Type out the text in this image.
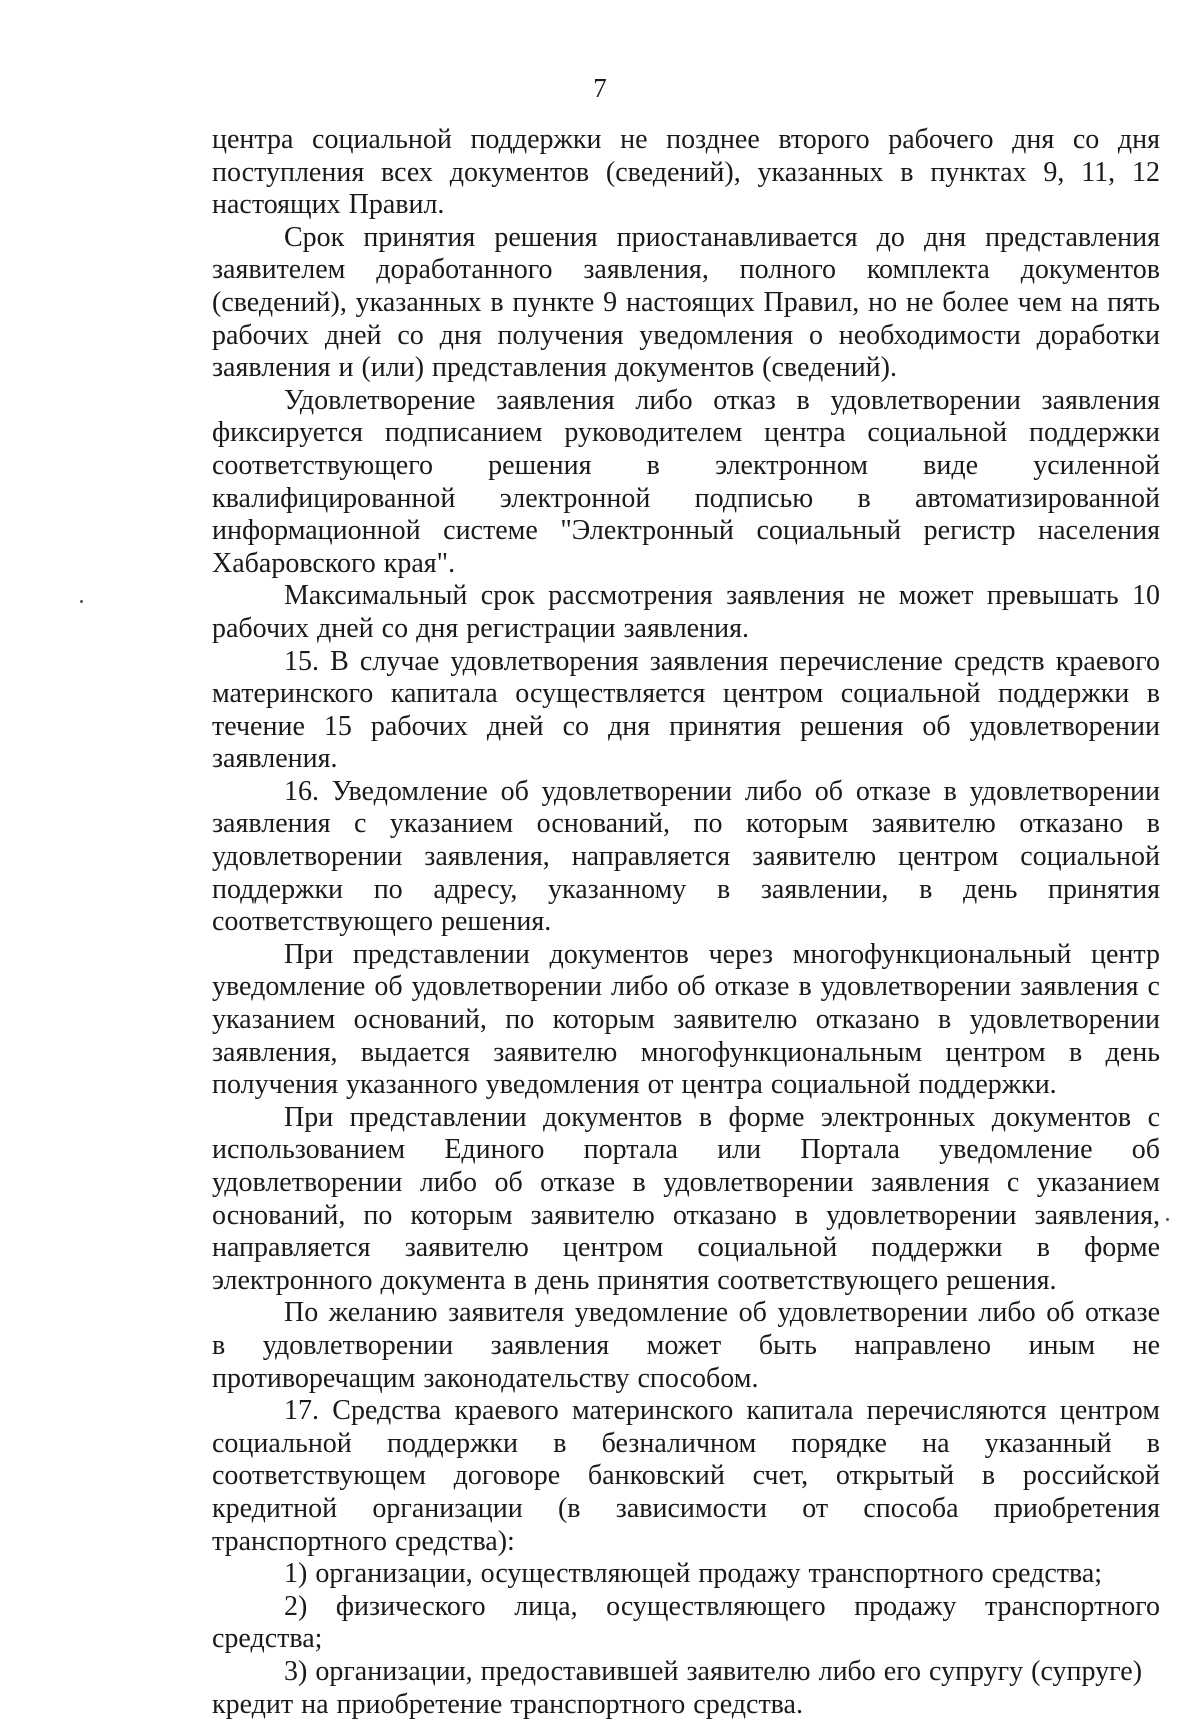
7

центра социальной поддержки не позднее второго рабочего дня со дня поступления всех документов (сведений), указанных в пунктах 9, 11, 12 настоящих Правил.

Срок принятия решения приостанавливается до дня представления заявителем доработанного заявления, полного комплекта документов (сведений), указанных в пункте 9 настоящих Правил, но не более чем на пять рабочих дней со дня получения уведомления о необходимости доработки заявления и (или) представления документов (сведений).

Удовлетворение заявления либо отказ в удовлетворении заявления фиксируется подписанием руководителем центра социальной поддержки соответствующего решения в электронном виде усиленной квалифицированной электронной подписью в автоматизированной информационной системе "Электронный социальный регистр населения Хабаровского края".

Максимальный срок рассмотрения заявления не может превышать 10 рабочих дней со дня регистрации заявления.

15. В случае удовлетворения заявления перечисление средств краевого материнского капитала осуществляется центром социальной поддержки в течение 15 рабочих дней со дня принятия решения об удовлетворении заявления.

16. Уведомление об удовлетворении либо об отказе в удовлетворении заявления с указанием оснований, по которым заявителю отказано в удовлетворении заявления, направляется заявителю центром социальной поддержки по адресу, указанному в заявлении, в день принятия соответствующего решения.

При представлении документов через многофункциональный центр уведомление об удовлетворении либо об отказе в удовлетворении заявления с указанием оснований, по которым заявителю отказано в удовлетворении заявления, выдается заявителю многофункциональным центром в день получения указанного уведомления от центра социальной поддержки.

При представлении документов в форме электронных документов с использованием Единого портала или Портала уведомление об удовлетворении либо об отказе в удовлетворении заявления с указанием оснований, по которым заявителю отказано в удовлетворении заявления, направляется заявителю центром социальной поддержки в форме электронного документа в день принятия соответствующего решения.

По желанию заявителя уведомление об удовлетворении либо об отказе в удовлетворении заявления может быть направлено иным не противоречащим законодательству способом.

17. Средства краевого материнского капитала перечисляются центром социальной поддержки в безналичном порядке на указанный в соответствующем договоре банковский счет, открытый в российской кредитной организации (в зависимости от способа приобретения транспортного средства):

1) организации, осуществляющей продажу транспортного средства;

2) физического лица, осуществляющего продажу транспортного средства;

3) организации, предоставившей заявителю либо его супругу (супруге) кредит на приобретение транспортного средства.
